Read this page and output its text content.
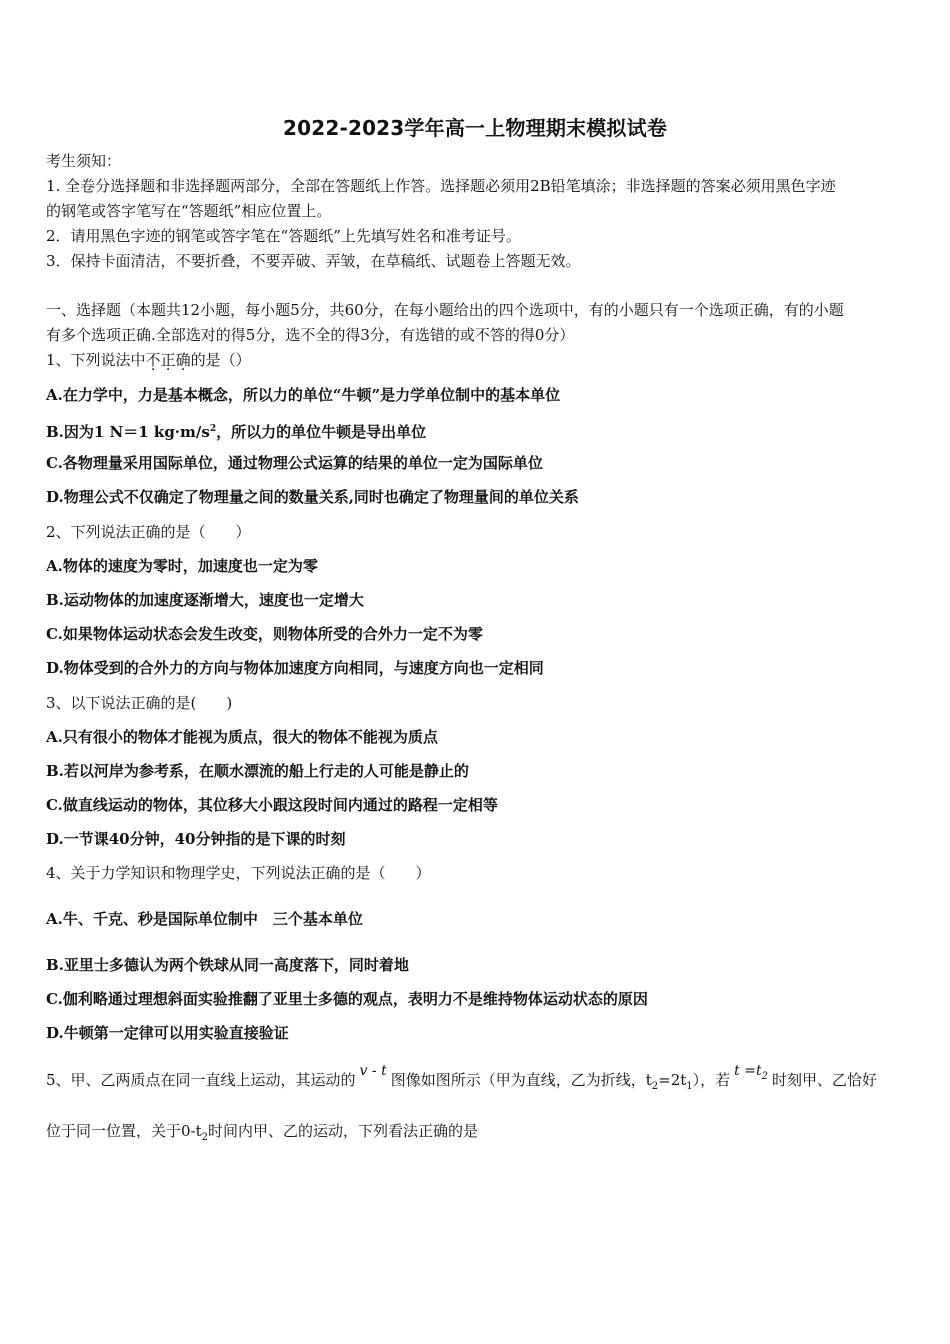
2022-2023学年高一上物理期末模拟试卷
考生须知：
1. 全卷分选择题和非选择题两部分，全部在答题纸上作答。选择题必须用2B铅笔填涂；非选择题的答案必须用黑色字迹
的钢笔或答字笔写在“答题纸”相应位置上。
2．请用黑色字迹的钢笔或答字笔在“答题纸”上先填写姓名和准考证号。
3．保持卡面清洁，不要折叠，不要弄破、弄皱，在草稿纸、试题卷上答题无效。
一、选择题（本题共12小题，每小题5分，共60分，在每小题给出的四个选项中，有的小题只有一个选项正确，有的小题
有多个选项正确.全部选对的得5分，选不全的得3分，有选错的或不答的得0分）
1、下列说法中不正确的是（）
A.在力学中，力是基本概念，所以力的单位“牛顿”是力学单位制中的基本单位
B.因为1 N＝1 $kg\cdot m/s^2$，所以力的单位牛顿是导出单位
C.各物理量采用国际单位，通过物理公式运算的结果的单位一定为国际单位
D.物理公式不仅确定了物理量之间的数量关系,同时也确定了物理量间的单位关系
2、下列说法正确的是（　　）
A.物体的速度为零时，加速度也一定为零
B.运动物体的加速度逐渐增大，速度也一定增大
C.如果物体运动状态会发生改变，则物体所受的合外力一定不为零
D.物体受到的合外力的方向与物体加速度方向相同，与速度方向也一定相同
3、以下说法正确的是(　　)
A.只有很小的物体才能视为质点，很大的物体不能视为质点
B.若以河岸为参考系，在顺水漂流的船上行走的人可能是静止的
C.做直线运动的物体，其位移大小跟这段时间内通过的路程一定相等
D.一节课40分钟，40分钟指的是下课的时刻
4、关于力学知识和物理学史，下列说法正确的是（　　）
A.牛、千克、秒是国际单位制中　三个基本单位
B.亚里士多德认为两个铁球从同一高度落下，同时着地
C.伽利略通过理想斜面实验推翻了亚里士多德的观点，表明力不是维持物体运动状态的原因
D.牛顿第一定律可以用实验直接验证
5、甲、乙两质点在同一直线上运动，其运动的 v - t 图像如图所示（甲为直线，乙为折线，$t_2=2t_1$），若 $t =t_2$ 时刻甲、乙恰好
位于同一位置，关于$0-t_2$时间内甲、乙的运动，下列看法正确的是
